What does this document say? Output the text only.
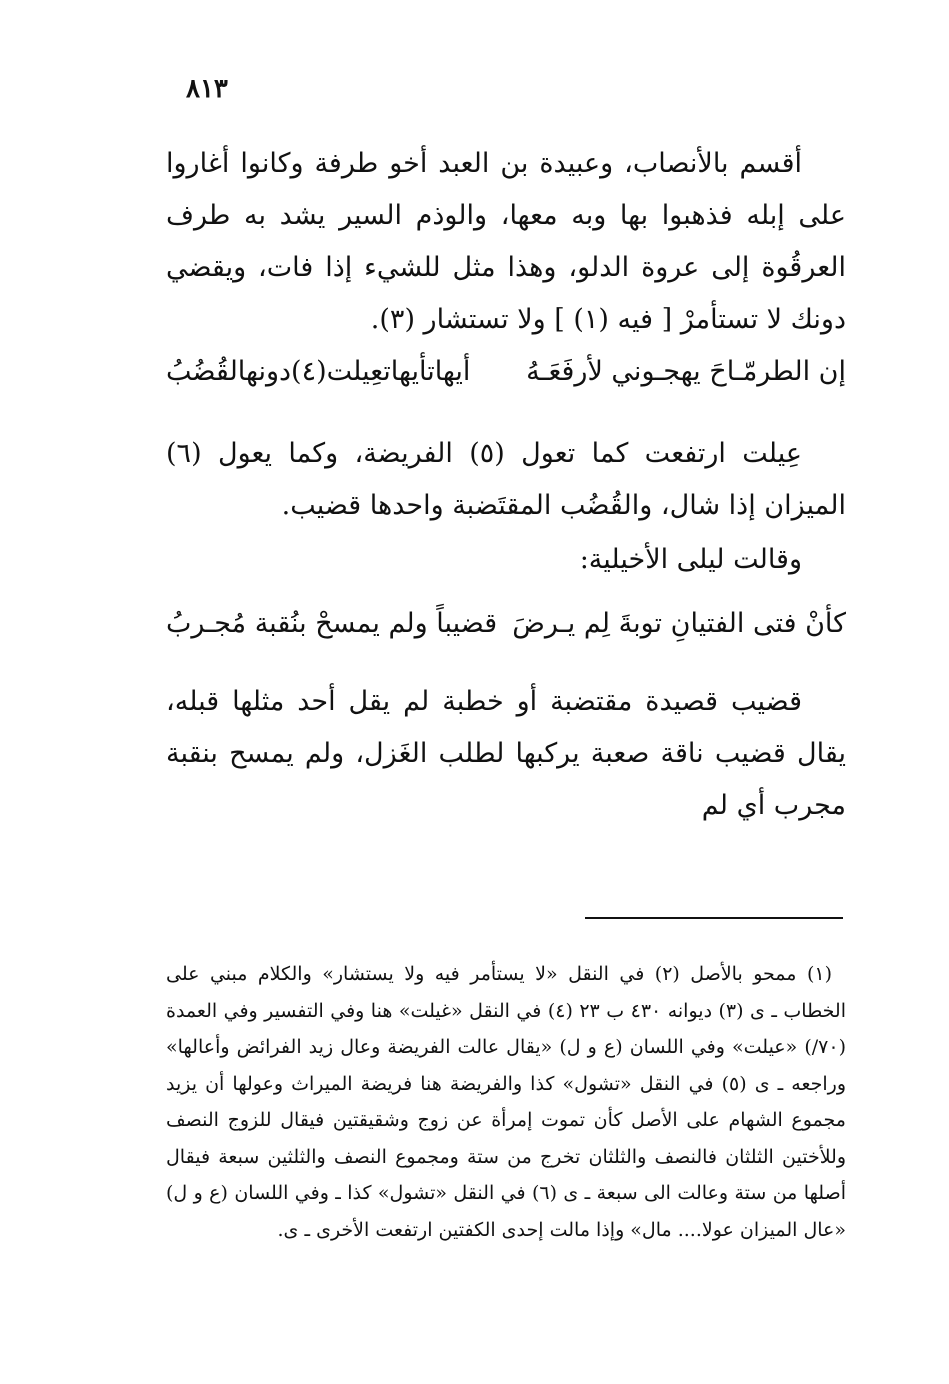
٨١٣

أقسم بالأنصاب، وعبيدة بن العبد أخو طرفة وكانوا أغاروا على إبله فذهبوا بها وبه معها، والوذم السير يشد به طرف العرقُوة إلى عروة الدلو، وهذا مثل للشيء إذا فات، ويقضي دونك لا تستأمرْ [ فيه (١) ] ولا تستشار (٣).

إن الطرمّـاحَ يهجـوني لأرفَعَـهُ
أيهاتأيهاتعِيلت(٤)دونهالقُضُبُ

عِيلت ارتفعت كما تعول (٥) الفريضة، وكما يعول (٦) الميزان إذا شال، والقُضُب المقتَضبة واحدها قضيب.

وقالت ليلى الأخيلية:

كأنْ فتى الفتيانِ توبةَ لِم يـرضَ
قضيباً ولم يمسحْ بنُقبة مُجـربُ

قضيب قصيدة مقتضبة أو خطبة لم يقل أحد مثلها قبله، يقال قضيب ناقة صعبة يركبها لطلب الغَزل، ولم يمسح بنقبة مجرب أي لم

(١) ممحو بالأصل (٢) في النقل «لا يستأمر فيه ولا يستشار» والكلام مبني على الخطاب ـ ى (٣) ديوانه ٤٣٠ ب ٢٣ (٤) في النقل «غيلت» هنا وفي التفسير وفي العمدة (٧٠/) «عيلت» وفي اللسان (ع و ل) «يقال عالت الفريضة وعال زيد الفرائض وأعالها» وراجعه ـ ى (٥) في النقل «تشول» كذا والفريضة هنا فريضة الميراث وعولها أن يزيد مجموع الشهام على الأصل كأن تموت إمرأة عن زوج وشقيقتين فيقال للزوج النصف وللأختين الثلثان فالنصف والثلثان تخرج من ستة ومجموع النصف والثلثين سبعة فيقال أصلها من ستة وعالت الى سبعة ـ ى (٦) في النقل «تشول» كذا ـ وفي اللسان (ع و ل) «عال الميزان عولا.... مال» وإذا مالت إحدى الكفتين ارتفعت الأخرى ـ ى.
